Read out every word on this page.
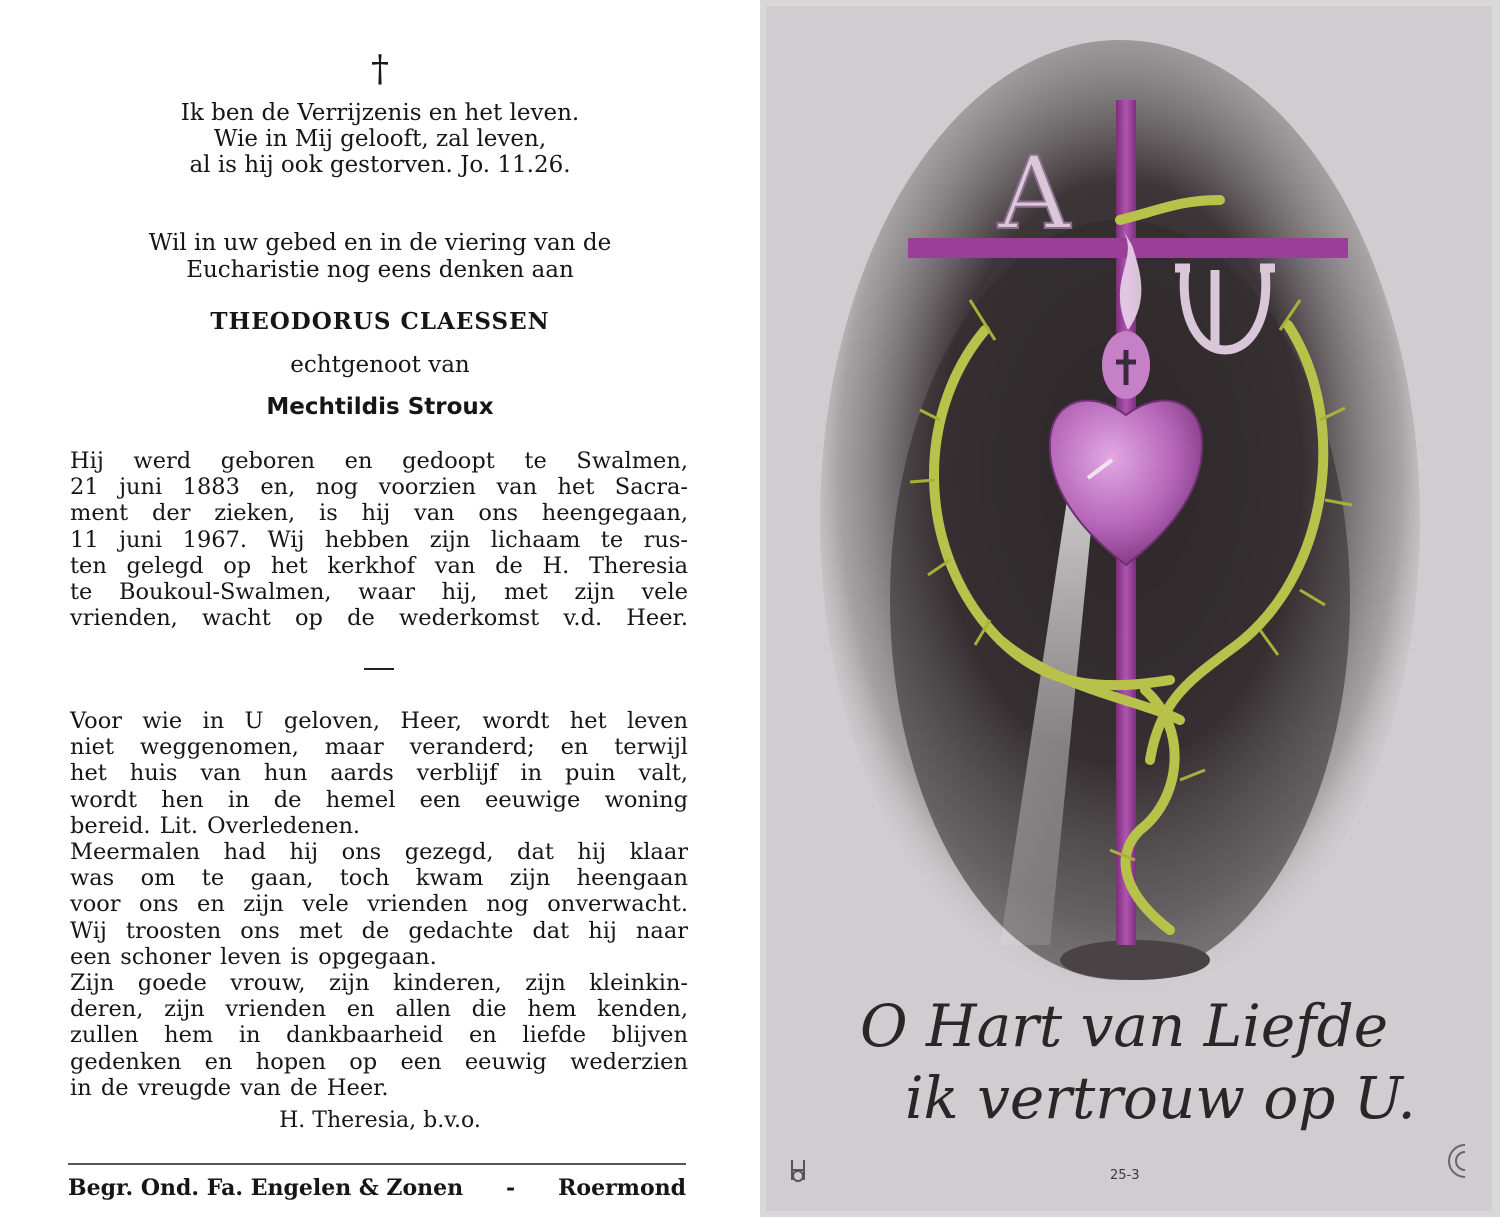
†
Ik ben de Verrijzenis en het leven.
Wie in Mij gelooft, zal leven,
al is hij ook gestorven. Jo. 11.26.
Wil in uw gebed en in de viering van de
Eucharistie nog eens denken aan
THEODORUS CLAESSEN
echtgenoot van
Mechtildis Stroux
Hij werd geboren en gedoopt te Swalmen,
21 juni 1883 en, nog voorzien van het Sacra-
ment der zieken, is hij van ons heengegaan,
11 juni 1967. Wij hebben zijn lichaam te rus-
ten gelegd op het kerkhof van de H. Theresia
te Boukoul-Swalmen, waar hij, met zijn vele
vrienden, wacht op de wederkomst v.d. Heer.
Voor wie in U geloven, Heer, wordt het leven
niet weggenomen, maar veranderd; en terwijl
het huis van hun aards verblijf in puin valt,
wordt hen in de hemel een eeuwige woning
bereid. Lit. Overledenen.
Meermalen had hij ons gezegd, dat hij klaar
was om te gaan, toch kwam zijn heengaan
voor ons en zijn vele vrienden nog onverwacht.
Wij troosten ons met de gedachte dat hij naar
een schoner leven is opgegaan.
Zijn goede vrouw, zijn kinderen, zijn kleinkin-
deren, zijn vrienden en allen die hem kenden,
zullen hem in dankbaarheid en liefde blijven
gedenken en hopen op een eeuwig wederzien
in de vreugde van de Heer.
H. Theresia, b.v.o.
Begr. Ond. Fa. Engelen & Zonen - Roermond
A
O Hart van Liefde
ik vertrouw op U.
25-3
